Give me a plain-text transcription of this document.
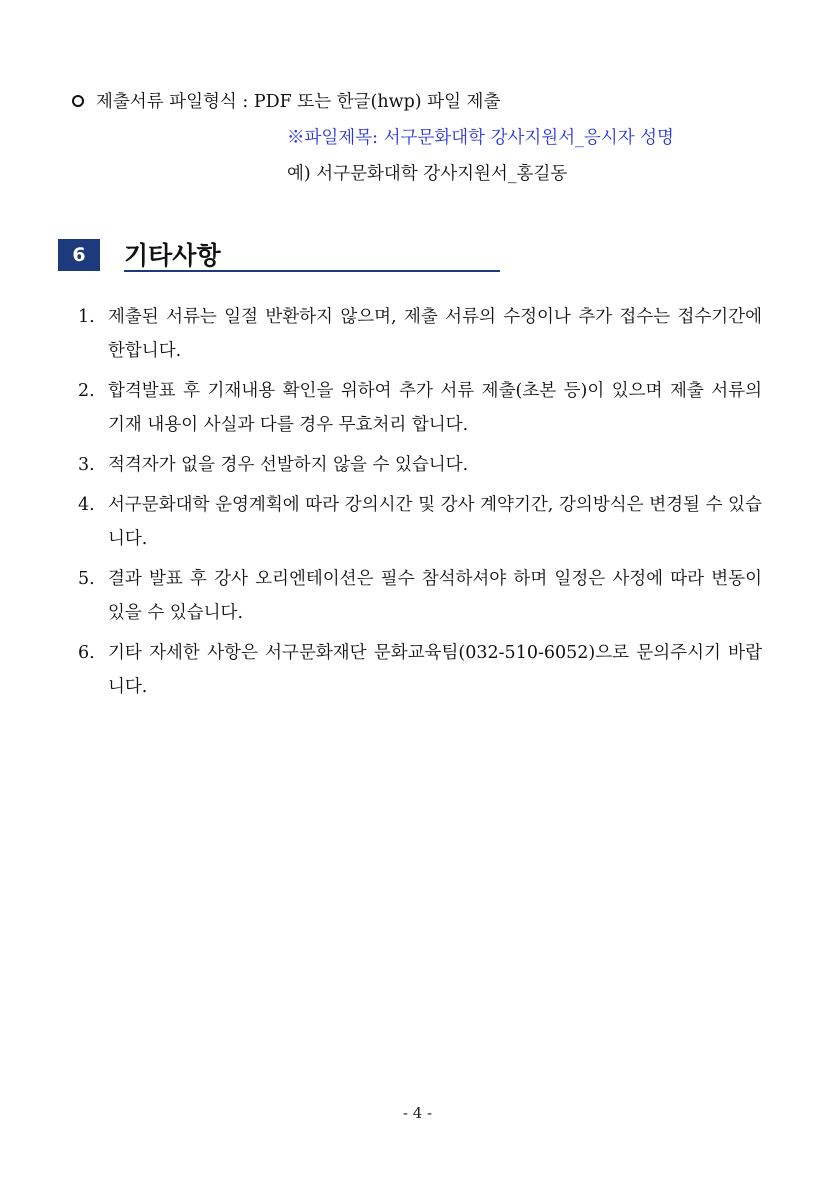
제출서류 파일형식 : PDF 또는 한글(hwp) 파일 제출
※파일제목: 서구문화대학 강사지원서_응시자 성명
예) 서구문화대학 강사지원서_홍길동
6	기타사항
1. 제출된 서류는 일절 반환하지 않으며, 제출 서류의 수정이나 추가 접수는 접수기간에 한합니다.
2. 합격발표 후 기재내용 확인을 위하여 추가 서류 제출(초본 등)이 있으며 제출 서류의 기재 내용이 사실과 다를 경우 무효처리 합니다.
3. 적격자가 없을 경우 선발하지 않을 수 있습니다.
4. 서구문화대학 운영계획에 따라 강의시간 및 강사 계약기간, 강의방식은 변경될 수 있습니다.
5. 결과 발표 후 강사 오리엔테이션은 필수 참석하셔야 하며 일정은 사정에 따라 변동이 있을 수 있습니다.
6. 기타 자세한 사항은 서구문화재단 문화교육팀(032-510-6052)으로 문의주시기 바랍니다.
- 4 -
